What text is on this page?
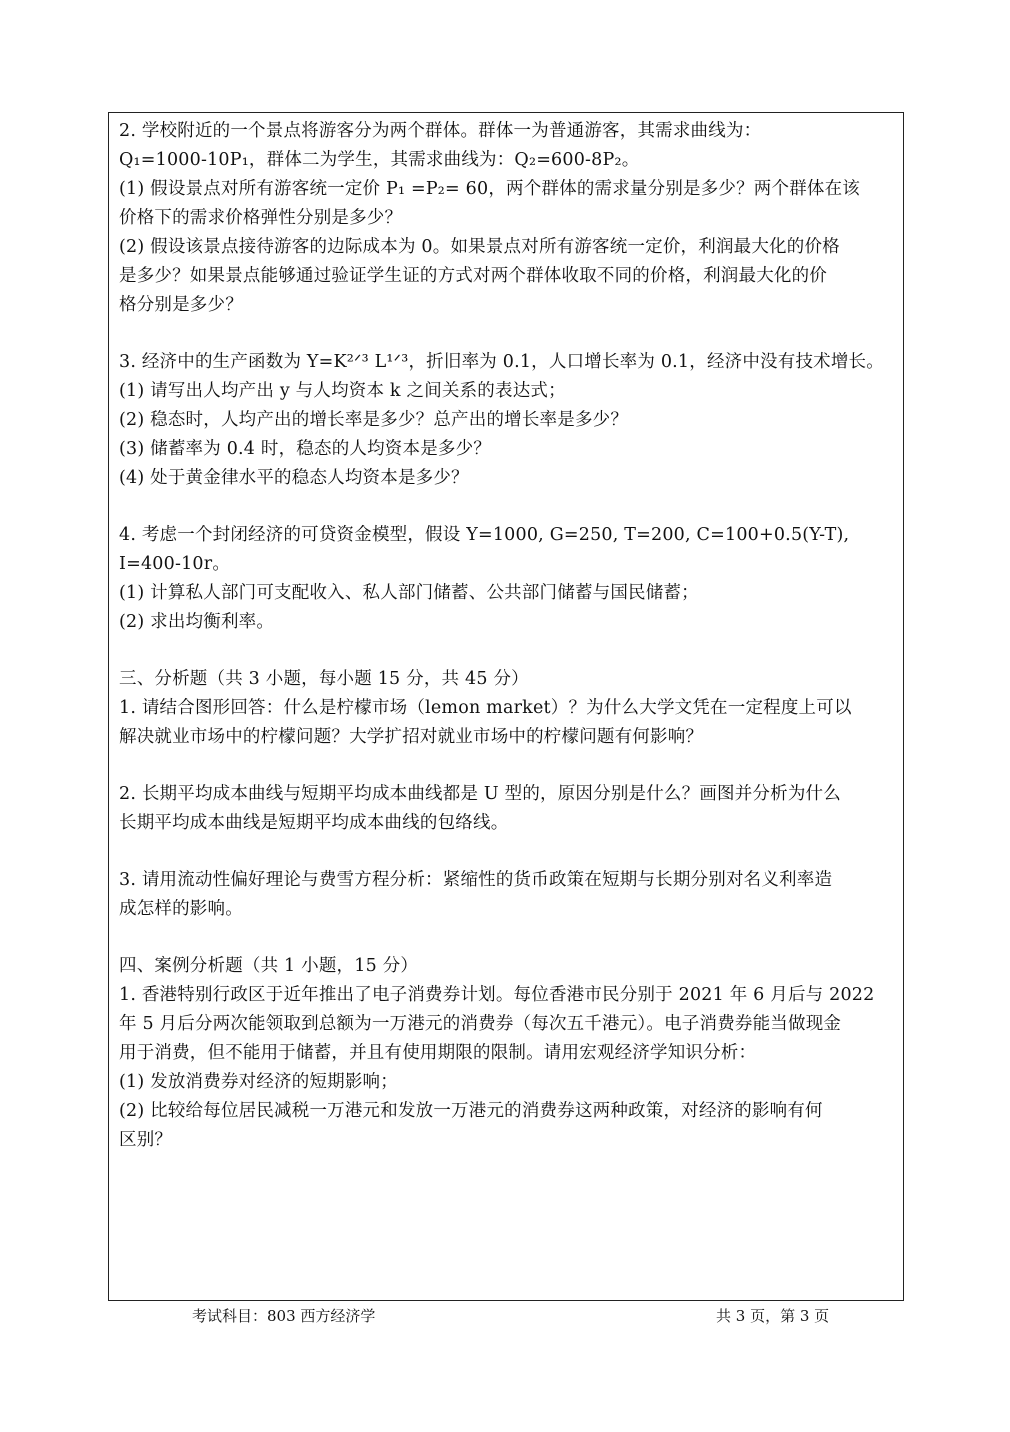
2. 学校附近的一个景点将游客分为两个群体。群体一为普通游客，其需求曲线为：
Q₁=1000-10P₁，群体二为学生，其需求曲线为：Q₂=600-8P₂。
(1) 假设景点对所有游客统一定价 P₁ =P₂= 60，两个群体的需求量分别是多少？两个群体在该
价格下的需求价格弹性分别是多少？
(2) 假设该景点接待游客的边际成本为 0。如果景点对所有游客统一定价，利润最大化的价格
是多少？如果景点能够通过验证学生证的方式对两个群体收取不同的价格，利润最大化的价
格分别是多少？
3. 经济中的生产函数为 Y=K²ᐟ³ L¹ᐟ³，折旧率为 0.1，人口增长率为 0.1，经济中没有技术增长。
(1) 请写出人均产出 y 与人均资本 k 之间关系的表达式；
(2) 稳态时，人均产出的增长率是多少？总产出的增长率是多少？
(3) 储蓄率为 0.4 时，稳态的人均资本是多少？
(4) 处于黄金律水平的稳态人均资本是多少？
4. 考虑一个封闭经济的可贷资金模型，假设 Y=1000, G=250, T=200, C=100+0.5(Y-T),
I=400-10r。
(1) 计算私人部门可支配收入、私人部门储蓄、公共部门储蓄与国民储蓄；
(2) 求出均衡利率。
三、分析题（共 3 小题，每小题 15 分，共 45 分）
1. 请结合图形回答：什么是柠檬市场（lemon market）？为什么大学文凭在一定程度上可以
解决就业市场中的柠檬问题？大学扩招对就业市场中的柠檬问题有何影响？
2. 长期平均成本曲线与短期平均成本曲线都是 U 型的，原因分别是什么？画图并分析为什么
长期平均成本曲线是短期平均成本曲线的包络线。
3. 请用流动性偏好理论与费雪方程分析：紧缩性的货币政策在短期与长期分别对名义利率造
成怎样的影响。
四、案例分析题（共 1 小题，15 分）
1. 香港特别行政区于近年推出了电子消费券计划。每位香港市民分别于 2021 年 6 月后与 2022
年 5 月后分两次能领取到总额为一万港元的消费券（每次五千港元）。电子消费券能当做现金
用于消费，但不能用于储蓄，并且有使用期限的限制。请用宏观经济学知识分析：
(1) 发放消费券对经济的短期影响；
(2) 比较给每位居民减税一万港元和发放一万港元的消费券这两种政策，对经济的影响有何
区别？
考试科目：803 西方经济学	共 3 页，第 3 页
